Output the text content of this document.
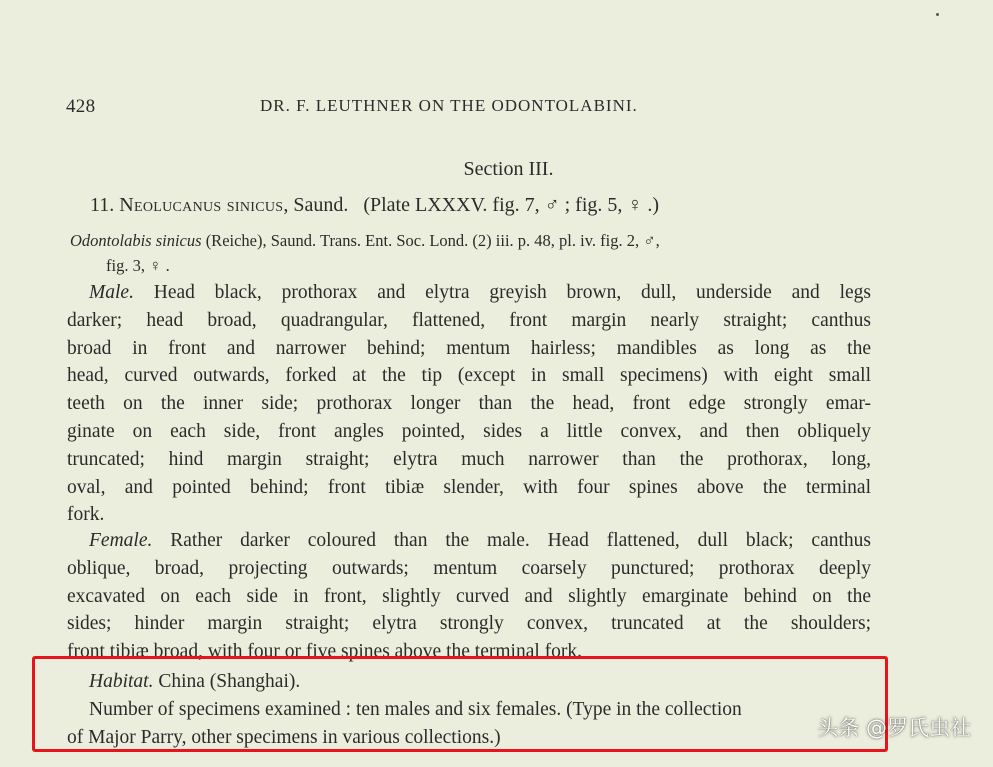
428	DR. F. LEUTHNER ON THE ODONTOLABINI.
Section III.
11. Neolucanus sinicus, Saund. (Plate LXXXV. fig. 7, ♂ ; fig. 5, ♀ .)
Odontolabis sinicus (Reiche), Saund. Trans. Ent. Soc. Lond. (2) iii. p. 48, pl. iv. fig. 2, ♂,
fig. 3, ♀ .
Male. Head black, prothorax and elytra greyish brown, dull, underside and legs
darker; head broad, quadrangular, flattened, front margin nearly straight; canthus
broad in front and narrower behind; mentum hairless; mandibles as long as the
head, curved outwards, forked at the tip (except in small specimens) with eight small
teeth on the inner side; prothorax longer than the head, front edge strongly emar-
ginate on each side, front angles pointed, sides a little convex, and then obliquely
truncated; hind margin straight; elytra much narrower than the prothorax, long,
oval, and pointed behind; front tibiæ slender, with four spines above the terminal
fork.
Female. Rather darker coloured than the male. Head flattened, dull black; canthus
oblique, broad, projecting outwards; mentum coarsely punctured; prothorax deeply
excavated on each side in front, slightly curved and slightly emarginate behind on the
sides; hinder margin straight; elytra strongly convex, truncated at the shoulders;
front tibiæ broad, with four or five spines above the terminal fork.
Habitat. China (Shanghai).
Number of specimens examined : ten males and six females. (Type in the collection
of Major Parry, other specimens in various collections.)	头条 @罗氏虫社
